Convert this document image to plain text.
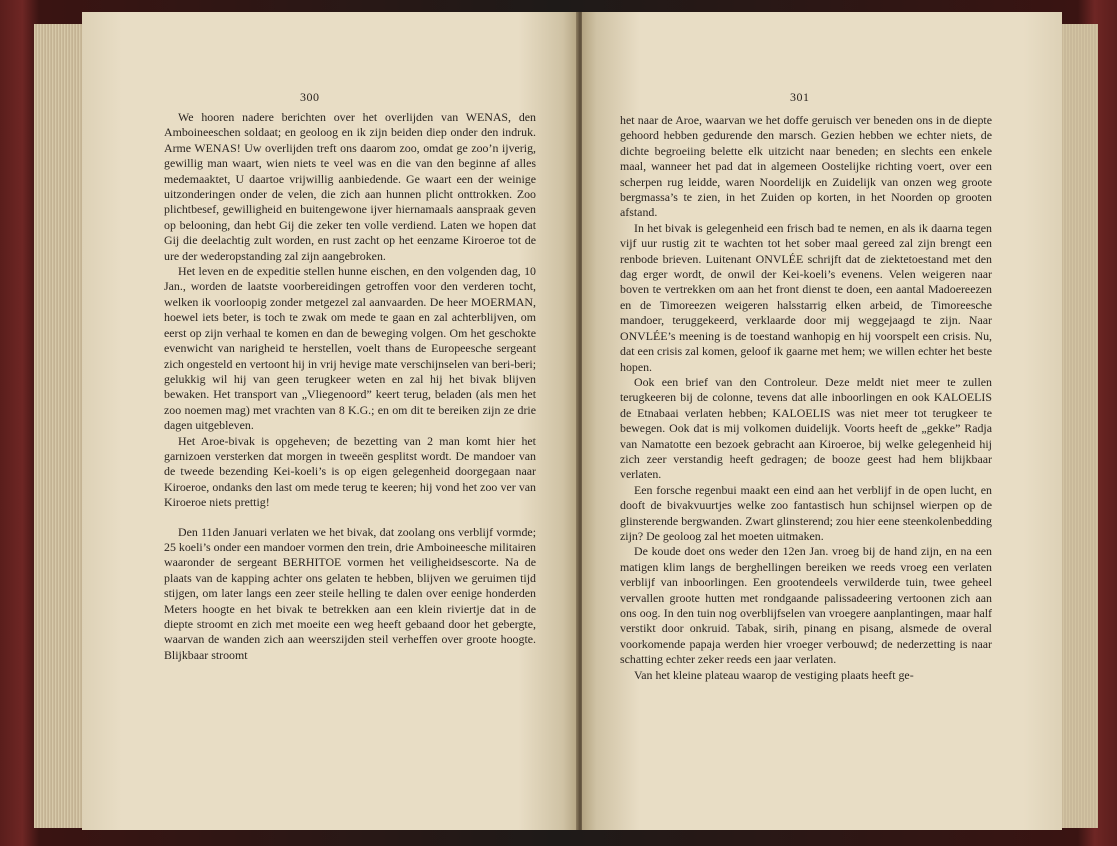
300

We hooren nadere berichten over het overlijden van WENAS, den Amboineeschen soldaat; en geoloog en ik zijn beiden diep onder den indruk. Arme WENAS! Uw overlijden treft ons daarom zoo, omdat ge zoo’n ijverig, gewillig man waart, wien niets te veel was en die van den beginne af alles medemaaktet, U daartoe vrijwillig aanbiedende. Ge waart een der weinige uitzonderingen onder de velen, die zich aan hunnen plicht onttrokken. Zoo plichtbesef, gewilligheid en buitengewone ijver hiernamaals aanspraak geven op belooning, dan hebt Gij die zeker ten volle verdiend. Laten we hopen dat Gij die deelachtig zult worden, en rust zacht op het eenzame Kiroeroe tot de ure der wederopstanding zal zijn aangebroken.

Het leven en de expeditie stellen hunne eischen, en den volgenden dag, 10 Jan., worden de laatste voorbereidingen getroffen voor den verderen tocht, welken ik voorloopig zonder metgezel zal aanvaarden. De heer MOERMAN, hoewel iets beter, is toch te zwak om mede te gaan en zal achterblijven, om eerst op zijn verhaal te komen en dan de beweging volgen. Om het geschokte evenwicht van narigheid te herstellen, voelt thans de Europeesche sergeant zich ongesteld en vertoont hij in vrij hevige mate verschijnselen van beri-beri; gelukkig wil hij van geen terugkeer weten en zal hij het bivak blijven bewaken. Het transport van „Vliegenoord” keert terug, beladen (als men het zoo noemen mag) met vrachten van 8 K.G.; en om dit te bereiken zijn ze drie dagen uitgebleven.

Het Aroe-bivak is opgeheven; de bezetting van 2 man komt hier het garnizoen versterken dat morgen in tweeën gesplitst wordt. De mandoer van de tweede bezending Kei-koeli’s is op eigen gelegenheid doorgegaan naar Kiroeroe, ondanks den last om mede terug te keeren; hij vond het zoo ver van Kiroeroe niets prettig!

Den 11den Januari verlaten we het bivak, dat zoolang ons verblijf vormde; 25 koeli’s onder een mandoer vormen den trein, drie Amboineesche militairen waaronder de sergeant BERHITOE vormen het veiligheidsescorte. Na de plaats van de kapping achter ons gelaten te hebben, blijven we geruimen tijd stijgen, om later langs een zeer steile helling te dalen over eenige honderden Meters hoogte en het bivak te betrekken aan een klein riviertje dat in de diepte stroomt en zich met moeite een weg heeft gebaand door het gebergte, waarvan de wanden zich aan weerszijden steil verheffen over groote hoogte. Blijkbaar stroomt

301

het naar de Aroe, waarvan we het doffe geruisch ver beneden ons in de diepte gehoord hebben gedurende den marsch. Gezien hebben we echter niets, de dichte begroeiing belette elk uitzicht naar beneden; en slechts een enkele maal, wanneer het pad dat in algemeen Oostelijke richting voert, over een scherpen rug leidde, waren Noordelijk en Zuidelijk van onzen weg groote bergmassa’s te zien, in het Zuiden op korten, in het Noorden op grooten afstand.

In het bivak is gelegenheid een frisch bad te nemen, en als ik daarna tegen vijf uur rustig zit te wachten tot het sober maal gereed zal zijn brengt een renbode brieven. Luitenant ONVLÉE schrijft dat de ziektetoestand met den dag erger wordt, de onwil der Kei-koeli’s evenens. Velen weigeren naar boven te vertrekken om aan het front dienst te doen, een aantal Madoereezen en de Timoreezen weigeren halsstarrig elken arbeid, de Timoreesche mandoer, teruggekeerd, verklaarde door mij weggejaagd te zijn. Naar ONVLÉE’s meening is de toestand wanhopig en hij voorspelt een crisis. Nu, dat een crisis zal komen, geloof ik gaarne met hem; we willen echter het beste hopen.

Ook een brief van den Controleur. Deze meldt niet meer te zullen terugkeeren bij de colonne, tevens dat alle inboorlingen en ook KALOELIS de Etnabaai verlaten hebben; KALOELIS was niet meer tot terugkeer te bewegen. Ook dat is mij volkomen duidelijk. Voorts heeft de „gekke” Radja van Namatotte een bezoek gebracht aan Kiroeroe, bij welke gelegenheid hij zich zeer verstandig heeft gedragen; de booze geest had hem blijkbaar verlaten.

Een forsche regenbui maakt een eind aan het verblijf in de open lucht, en dooft de bivakvuurtjes welke zoo fantastisch hun schijnsel wierpen op de glinsterende bergwanden. Zwart glinsterend; zou hier eene steenkolenbedding zijn? De geoloog zal het moeten uitmaken.

De koude doet ons weder den 12en Jan. vroeg bij de hand zijn, en na een matigen klim langs de berghellingen bereiken we reeds vroeg een verlaten verblijf van inboorlingen. Een grootendeels verwilderde tuin, twee geheel vervallen groote hutten met rondgaande palissadeering vertoonen zich aan ons oog. In den tuin nog overblijfselen van vroegere aanplantingen, maar half verstikt door onkruid. Tabak, sirih, pinang en pisang, alsmede de overal voorkomende papaja werden hier vroeger verbouwd; de nederzetting is naar schatting echter zeker reeds een jaar verlaten.

Van het kleine plateau waarop de vestiging plaats heeft ge-
